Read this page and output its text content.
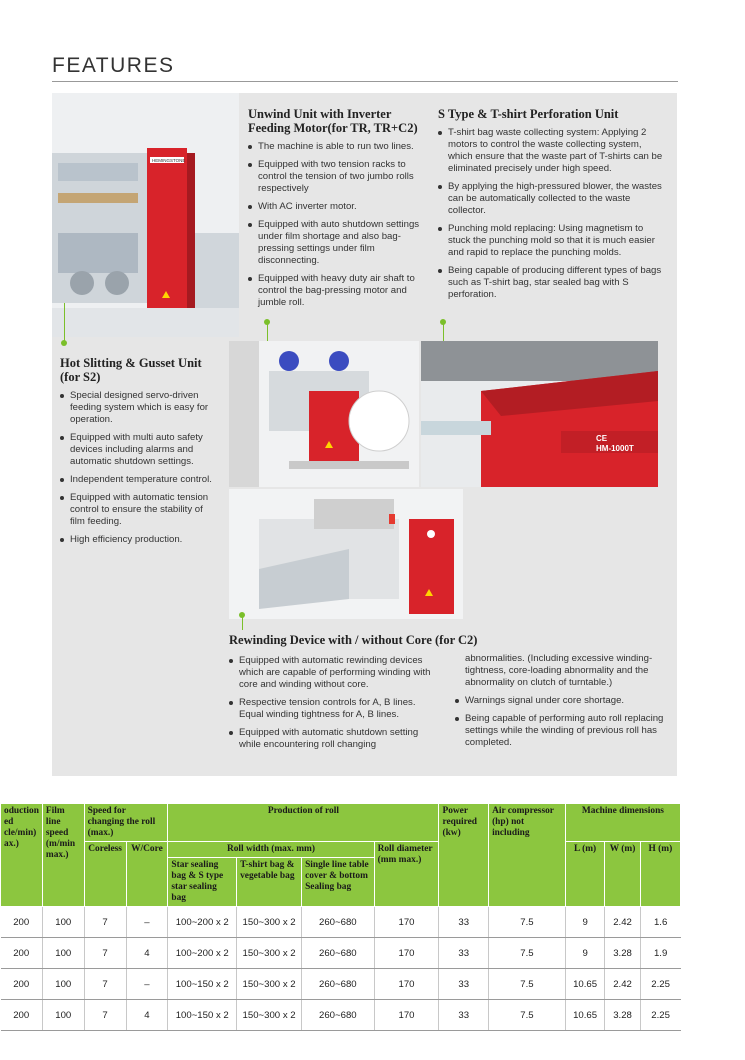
FEATURES
HEMINGSTONE
Unwind Unit with Inverter Feeding Motor(for TR, TR+C2)
The machine is able to run two lines.
Equipped with two tension racks to control the tension of two jumbo rolls respectively
With AC inverter motor.
Equipped with auto shutdown settings under film shortage and also bag- pressing settings under film disconnecting.
Equipped with heavy duty air shaft to control the bag-pressing motor and jumble roll.
S Type & T-shirt Perforation Unit
T-shirt bag waste collecting system: Applying 2 motors to control the waste collecting system, which ensure that the waste part of T-shirts can be eliminated precisely under high speed.
By applying the high-pressured blower, the wastes can be automatically collected to the waste collector.
Punching mold replacing: Using magnetism to stuck the punching mold so that it is much easier and rapid to replace the punching molds.
Being capable of producing different types of bags such as T-shirt bag, star sealed bag with S perforation.
CE
HM-1000T
Hot Slitting & Gusset Unit (for S2)
Special designed servo-driven feeding system which is easy for operation.
Equipped with multi auto safety devices including alarms and automatic shutdown settings.
Independent temperature control.
Equipped with automatic tension control to ensure the stability of film feeding.
High efficiency production.
Rewinding Device with / without Core (for C2)
Equipped with automatic rewinding devices which are capable of performing winding with core and winding without core.
Respective tension controls for A, B lines. Equal winding tightness for A, B lines.
Equipped with automatic shutdown setting while encountering roll changing
abnormalities. (Including excessive winding-tightness, core-loading abnormality and the abnormality on clutch of turntable.)
Warnings signal under core shortage.
Being capable of performing auto roll replacing settings while the winding of previous roll has completed.
oduction ed cle/min) ax.)	Film line speed (m/min max.)	Speed for changing the roll (max.)		Production of roll				Power required (kw)	Air compressor (hp) not including	Machine dimensions		
		Coreless	W/Core	Roll width (max. mm)			Roll diameter (mm max.)			L (m)	W (m)	H (m)
				Star sealing bag & S type star sealing bag	T-shirt bag & vegetable bag	Single line table cover & bottom Sealing bag						
200	100	7	–	100~200 x 2	150~300 x 2	260~680	170	33	7.5	9	2.42	1.6
200	100	7	4	100~200 x 2	150~300 x 2	260~680	170	33	7.5	9	3.28	1.9
200	100	7	–	100~150 x 2	150~300 x 2	260~680	170	33	7.5	10.65	2.42	2.25
200	100	7	4	100~150 x 2	150~300 x 2	260~680	170	33	7.5	10.65	3.28	2.25
